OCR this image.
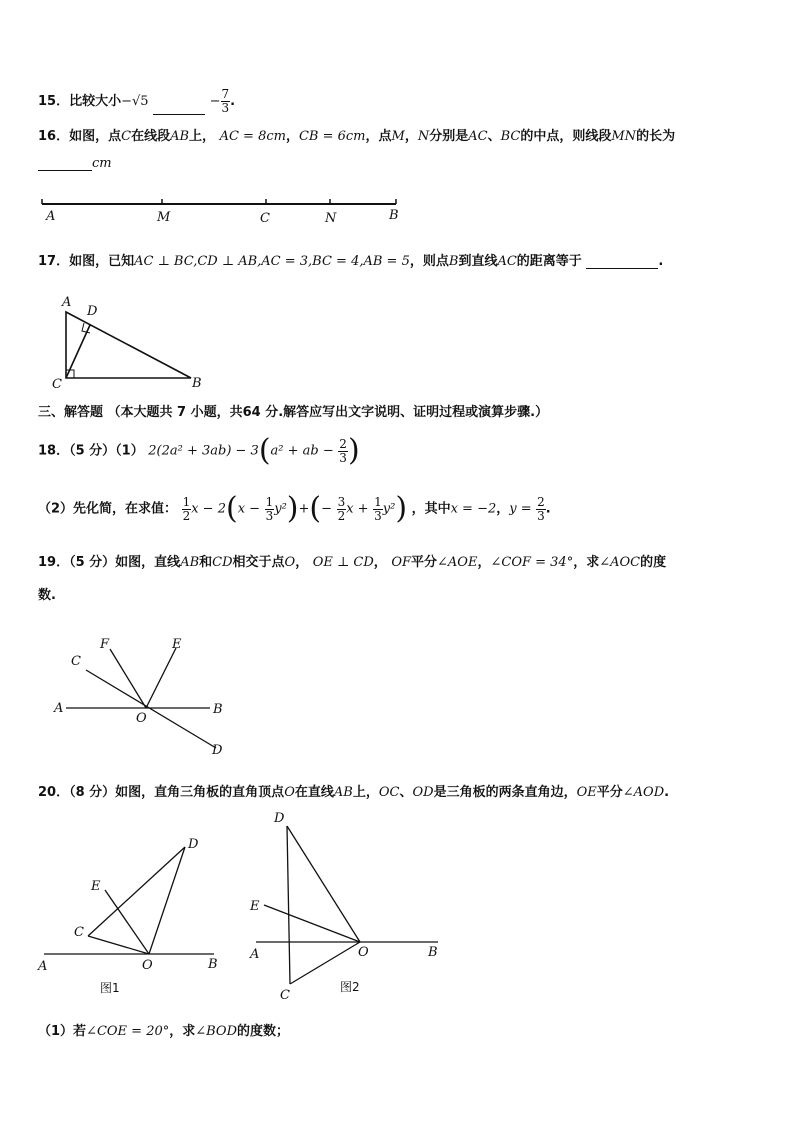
15．比较大小−√5	− $\frac{7}{3}$ .
16．如图，点C在线段AB上， AC = 8cm，CB = 6cm，点M，N分别是AC、BC的中点，则线段MN的长为
cm
A	M	C	N	B
17．如图，已知AC ⊥ BC,CD ⊥ AB,AC = 3,BC = 4,AB = 5，则点B到直线AC的距离等于	.
A
D
C	B
三、解答题 （本大题共 7 小题，共64 分.解答应写出文字说明、证明过程或演算步骤.）
18．（5 分）（1） 2(2a² + 3ab) − 3(a² + ab − $\frac{2}{3}$ )
（2）先化简，在求值： $\frac{1}{2}$ $x - 2(x - \frac{1}{3} y^2)+(- \frac{3}{2}$ $x + \frac{1}{3} y^2$) ，其中x = −2，$y = \frac{2}{3}$ .
19．（5 分）如图，直线AB和CD相交于点O， OE ⊥ CD， OF平分∠AOE，∠COF = 34°，求∠AOC的度
数.
A	B
C
D
E
F
O
20．（8 分）如图，直角三角板的直角顶点O在直线AB上，OC、OD是三角板的两条直角边，OE平分∠AOD.
A	B
C
D
E
O
图1
A	B
C
D
E
O
图2
（1）若∠COE = 20°，求∠BOD的度数；
